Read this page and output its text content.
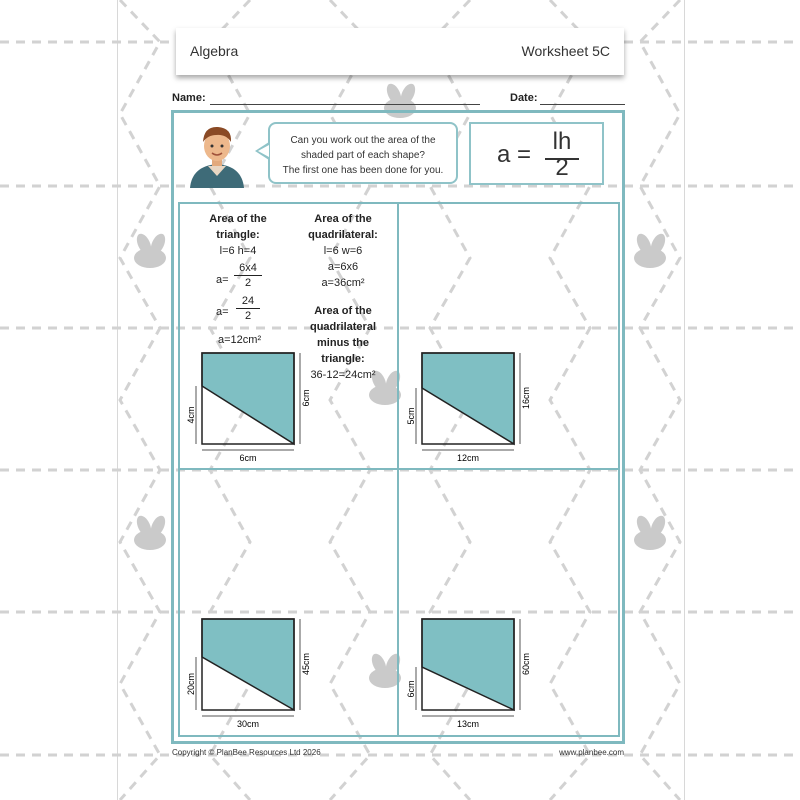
Algebra	Worksheet 5C
Name:	Date:
Can you work out the area of the
shaded part of each shape?
The first one has been done for you.
a = lh
2
Area of the
triangle:
l=6 h=4
a=
6x4
2
a=
24
2
a=12cm²
Area of the
quadrilateral:
l=6 w=6
a=6x6
a=36cm²
Area of the
quadrilateral
minus the
triangle:
36-12=24cm²
4cm
6cm
6cm
5cm
16cm
12cm
20cm
45cm
30cm
6cm
60cm
13cm
Copyright © PlanBee Resources Ltd 2026	www.planbee.com
